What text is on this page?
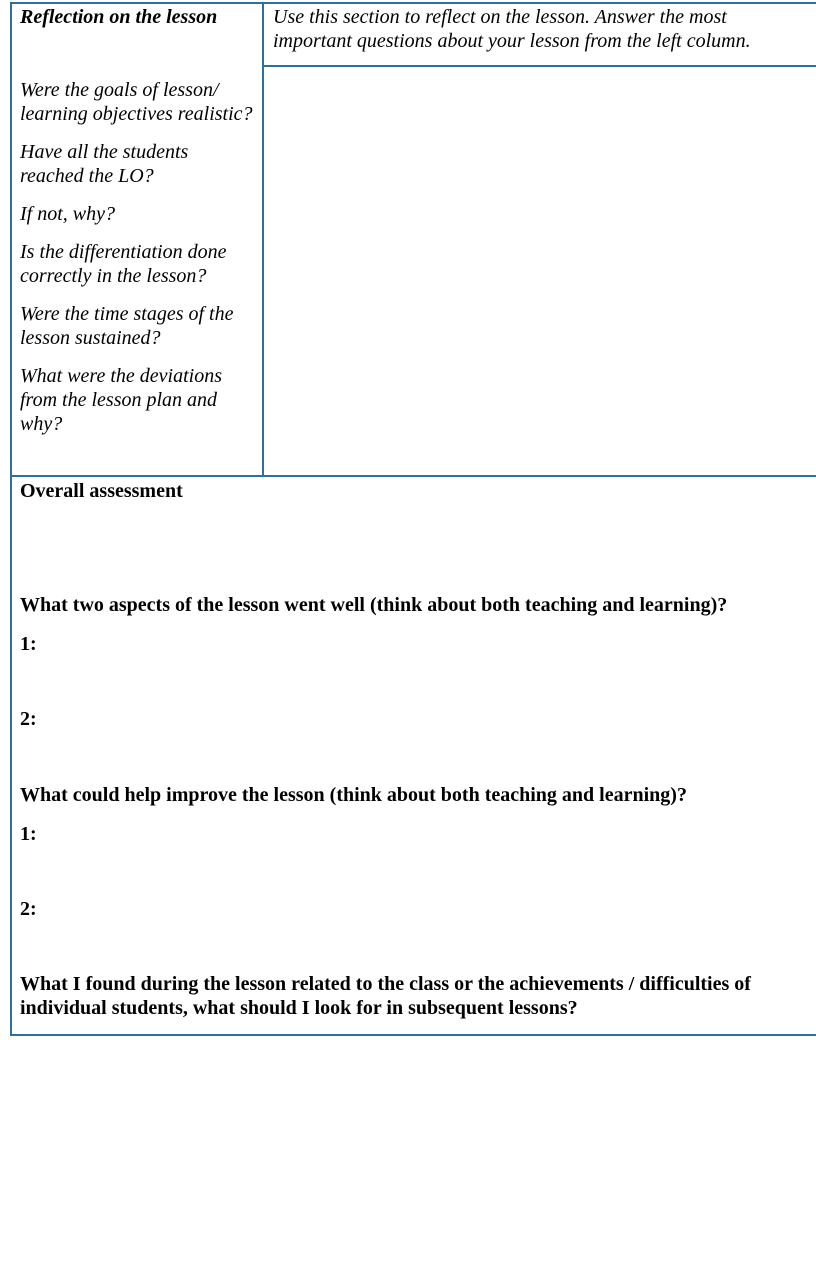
Reflection on the lesson	Use this section to reflect on the lesson. Answer the most important questions about your lesson from the left column.

Were the goals of lesson/ learning objectives realistic?
Have all the students reached the LO?
If not, why?
Is the differentiation done correctly in the lesson?
Were the time stages of the lesson sustained?
What were the deviations from the lesson plan and why?

Overall assessment

What two aspects of the lesson went well (think about both teaching and learning)?

1:

2:

What could help improve the lesson (think about both teaching and learning)?

1:

2:

What I found during the lesson related to the class or the achievements / difficulties of individual students, what should I look for in subsequent lessons?
